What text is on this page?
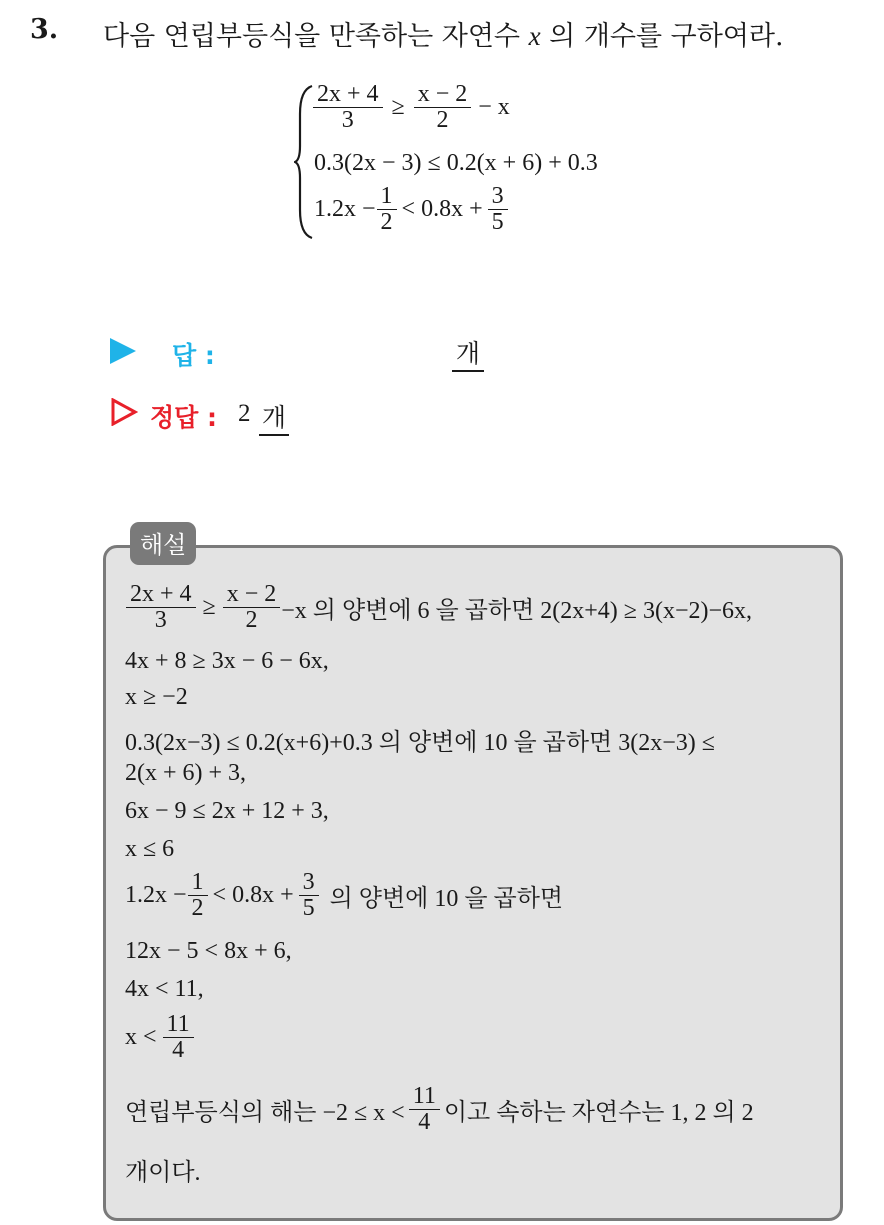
3. 다음 연립부등식을 만족하는 자연수 x 의 개수를 구하여라.
$\frac{2x + 4}{3} \ge \frac{x - 2}{2} - x$
0.3(2x − 3) ≤ 0.2(x + 6) + 0.3
$1.2x - \frac{1}{2} < 0.8x + \frac{3}{5}$
답 :	개
정답 : 2 개
해설
$\frac{2x + 4}{3} \ge \frac{x - 2}{2} -x$ 의 양변에 6 을 곱하면 2(2x+4) ≥ 3(x−2)−6x,
4x + 8 ≥ 3x − 6 − 6x,
x ≥ −2
0.3(2x−3) ≤ 0.2(x+6)+0.3 의 양변에 10 을 곱하면 3(2x−3) ≤
2(x + 6) + 3,
6x − 9 ≤ 2x + 12 + 3,
x ≤ 6
$1.2x - \frac{1}{2} < 0.8x + \frac{3}{5}$ 의 양변에 10 을 곱하면
12x − 5 < 8x + 6,
4x < 11,
$x < \frac{11}{4}$
연립부등식의 해는 $-2 \le x < \frac{11}{4}$ 이고 속하는 자연수는 1, 2 의 2
개이다.
